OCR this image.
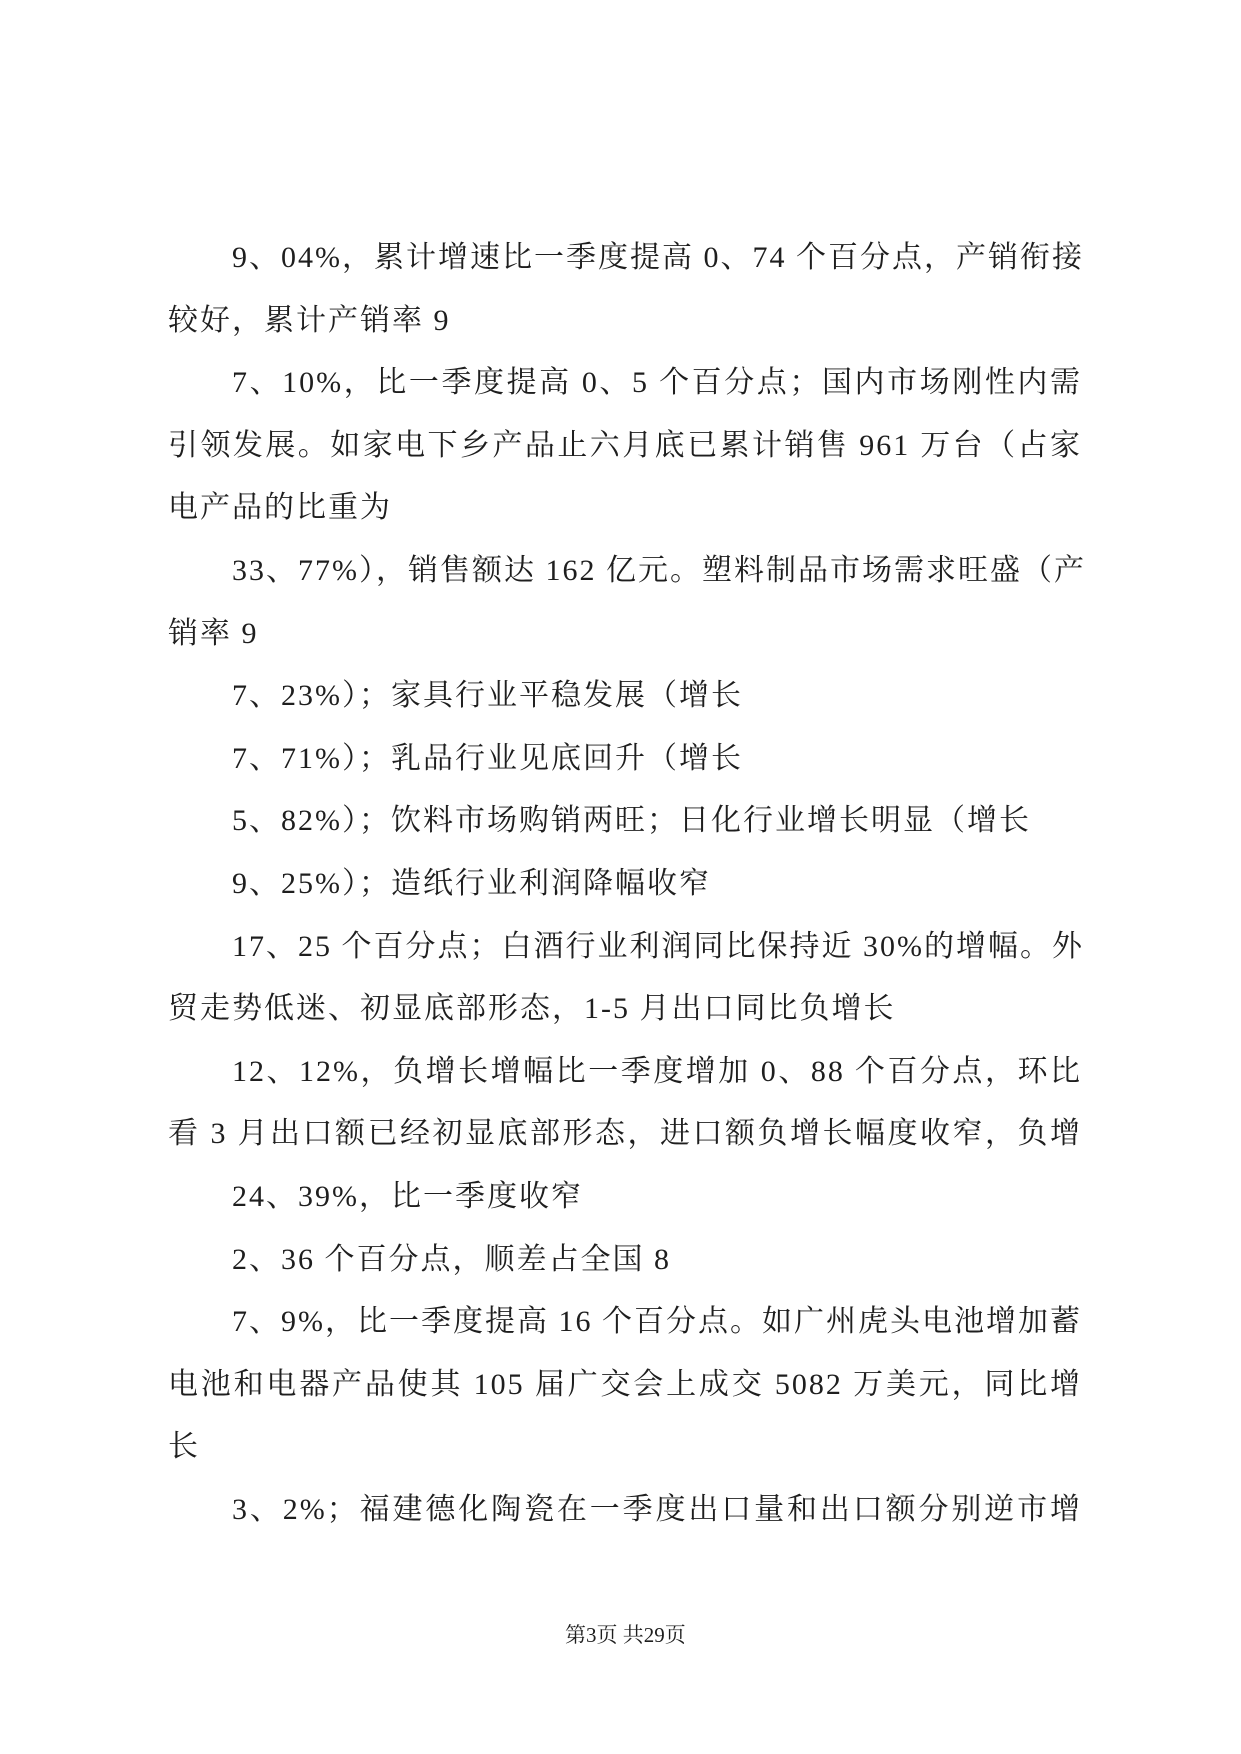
9、04%，累计增速比一季度提高 0、74 个百分点，产销衔接
较好，累计产销率 9
7、10%，比一季度提高 0、5 个百分点；国内市场刚性内需
引领发展。如家电下乡产品止六月底已累计销售 961 万台（占家
电产品的比重为
33、77%），销售额达 162 亿元。塑料制品市场需求旺盛（产
销率 9
7、23%）；家具行业平稳发展（增长
7、71%）；乳品行业见底回升（增长
5、82%）；饮料市场购销两旺；日化行业增长明显（增长
9、25%）；造纸行业利润降幅收窄
17、25 个百分点；白酒行业利润同比保持近 30%的增幅。外
贸走势低迷、初显底部形态，1-5 月出口同比负增长
12、12%，负增长增幅比一季度增加 0、88 个百分点，环比
看 3 月出口额已经初显底部形态，进口额负增长幅度收窄，负增
24、39%，比一季度收窄
2、36 个百分点，顺差占全国 8
7、9%，比一季度提高 16 个百分点。如广州虎头电池增加蓄
电池和电器产品使其 105 届广交会上成交 5082 万美元，同比增
长
3、2%；福建德化陶瓷在一季度出口量和出口额分别逆市增
第3页 共29页
